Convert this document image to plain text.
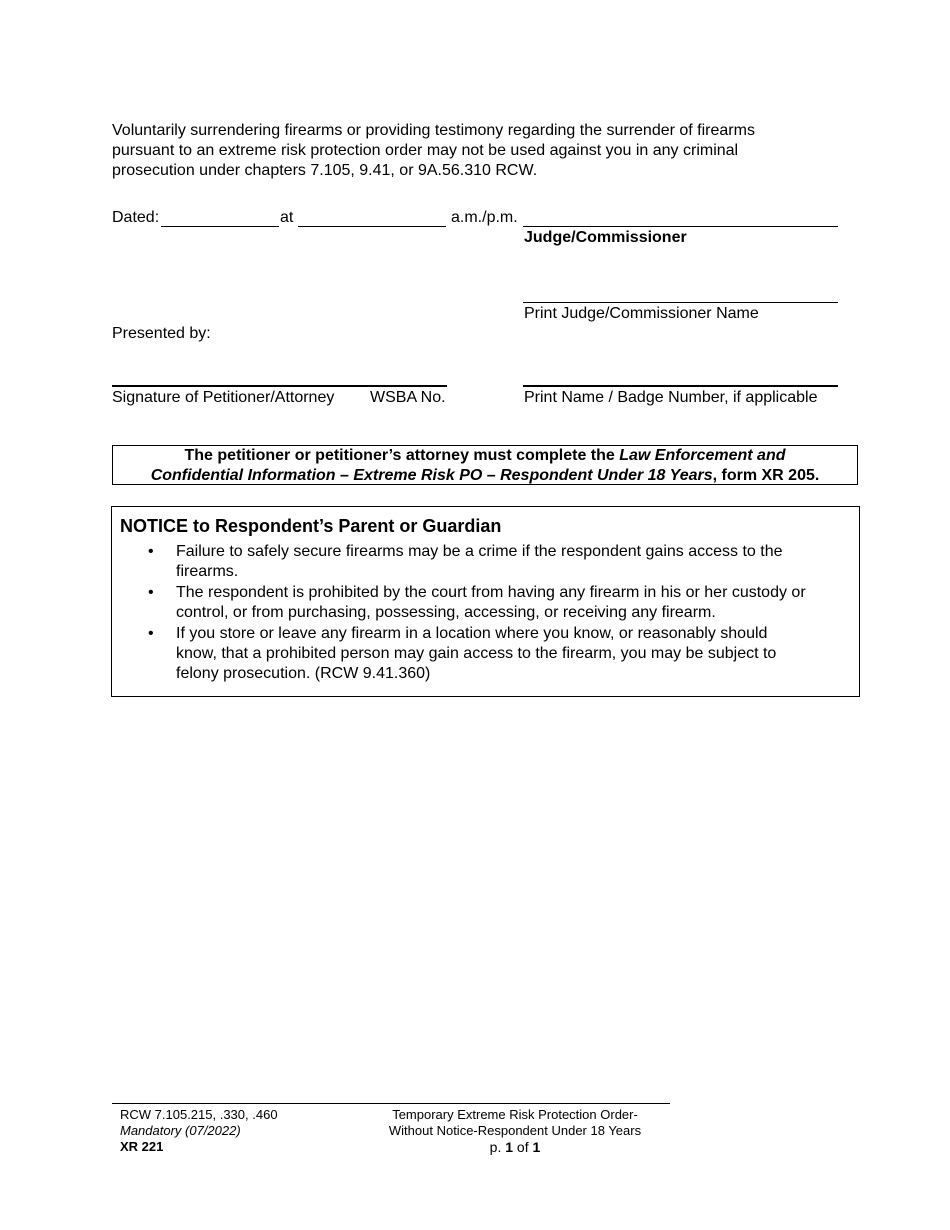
Voluntarily surrendering firearms or providing testimony regarding the surrender of firearms
pursuant to an extreme risk protection order may not be used against you in any criminal
prosecution under chapters 7.105, 9.41, or 9A.56.310 RCW.
Dated:	at	a.m./p.m.
Judge/Commissioner
Print Judge/Commissioner Name
Presented by:
Signature of Petitioner/Attorney WSBA No.	Print Name / Badge Number, if applicable
The petitioner or petitioner’s attorney must complete the Law Enforcement and
Confidential Information – Extreme Risk PO – Respondent Under 18 Years, form XR 205.
NOTICE to Respondent’s Parent or Guardian
• Failure to safely secure firearms may be a crime if the respondent gains access to the
firearms.
• The respondent is prohibited by the court from having any firearm in his or her custody or
control, or from purchasing, possessing, accessing, or receiving any firearm.
• If you store or leave any firearm in a location where you know, or reasonably should
know, that a prohibited person may gain access to the firearm, you may be subject to
felony prosecution. (RCW 9.41.360)
RCW 7.105.215, .330, .460
Mandatory (07/2022)
XR 221
Temporary Extreme Risk Protection Order-
Without Notice-Respondent Under 18 Years
p. 1 of 1
